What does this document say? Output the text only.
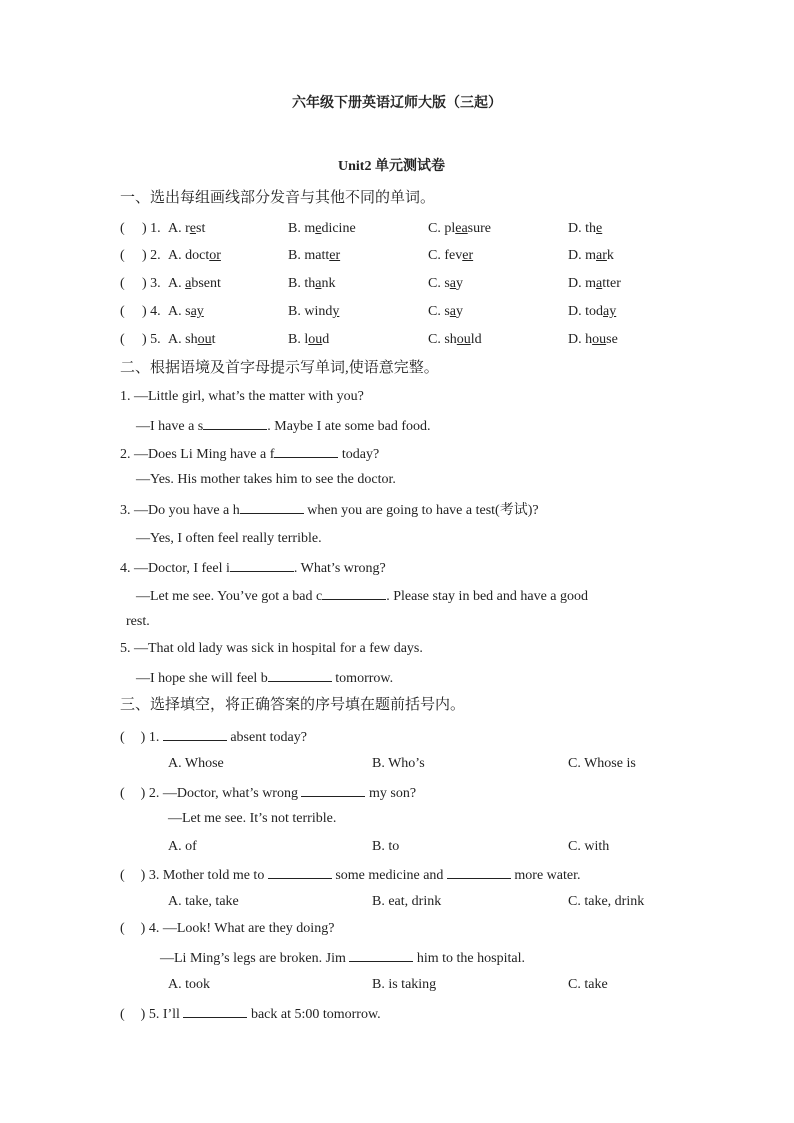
六年级下册英语辽师大版（三起）
Unit2 单元测试卷
一、选出每组画线部分发音与其他不同的单词。
( ) 1. A. rest	B. medicine	C. pleasure	D. the
( ) 2. A. doctor	B. matter	C. fever	D. mark
( ) 3. A. absent	B. thank	C. say	D. matter
( ) 4. A. say	B. windy	C. say	D. today
( ) 5. A. shout	B. loud	C. should	D. house
二、根据语境及首字母提示写单词,使语意完整。
1. —Little girl, what’s the matter with you?
—I have a s	. Maybe I ate some bad food.
2. —Does Li Ming have a f	today?
—Yes. His mother takes him to see the doctor.
3. —Do you have a h	when you are going to have a test(考试)?
—Yes, I often feel really terrible.
4. —Doctor, I feel i	. What’s wrong?
—Let me see. You’ve got a bad c	. Please stay in bed and have a good
rest.
5. —That old lady was sick in hospital for a few days.
—I hope she will feel b	tomorrow.
三、选择填空，将正确答案的序号填在题前括号内。
( ) 1.	absent today?
A. Whose	B. Who’s	C. Whose is
( ) 2. —Doctor, what’s wrong	my son?
—Let me see. It’s not terrible.
A. of	B. to	C. with
( ) 3. Mother told me to	some medicine and	more water.
A. take, take	B. eat, drink	C. take, drink
( ) 4. —Look! What are they doing?
—Li Ming’s legs are broken. Jim	him to the hospital.
A. took	B. is taking	C. take
( ) 5. I’ll	back at 5:00 tomorrow.
